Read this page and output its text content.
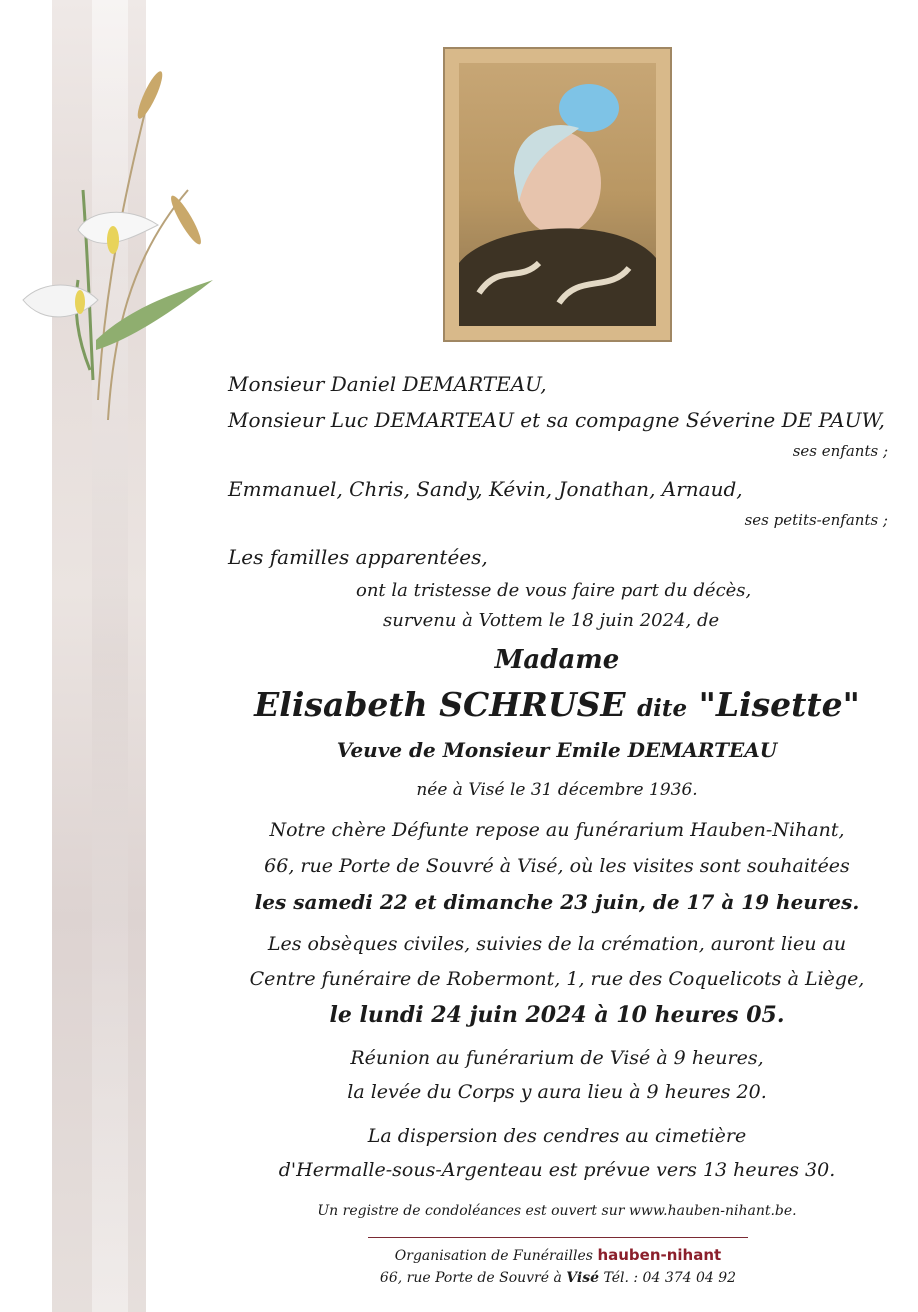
Monsieur Daniel DEMARTEAU,
Monsieur Luc DEMARTEAU et sa compagne Séverine DE PAUW,
ses enfants ;
Emmanuel, Chris, Sandy, Kévin, Jonathan, Arnaud,
ses petits-enfants ;
Les familles apparentées,
ont la tristesse de vous faire part du décès,
survenu à Vottem le 18 juin 2024, de
Madame
Elisabeth SCHRUSE dite "Lisette"
Veuve de Monsieur Emile DEMARTEAU
née à Visé le 31 décembre 1936.
Notre chère Défunte repose au funérarium Hauben-Nihant,
66, rue Porte de Souvré à Visé, où les visites sont souhaitées
les samedi 22 et dimanche 23 juin, de 17 à 19 heures.
Les obsèques civiles, suivies de la crémation, auront lieu au
Centre funéraire de Robermont, 1, rue des Coquelicots à Liège,
le lundi 24 juin 2024 à 10 heures 05.
Réunion au funérarium de Visé à 9 heures,
la levée du Corps y aura lieu à 9 heures 20.
La dispersion des cendres au cimetière
d'Hermalle-sous-Argenteau est prévue vers 13 heures 30.
Un registre de condoléances est ouvert sur www.hauben-nihant.be.
Organisation de Funérailles hauben-nihant
66, rue Porte de Souvré à Visé Tél. : 04 374 04 92
